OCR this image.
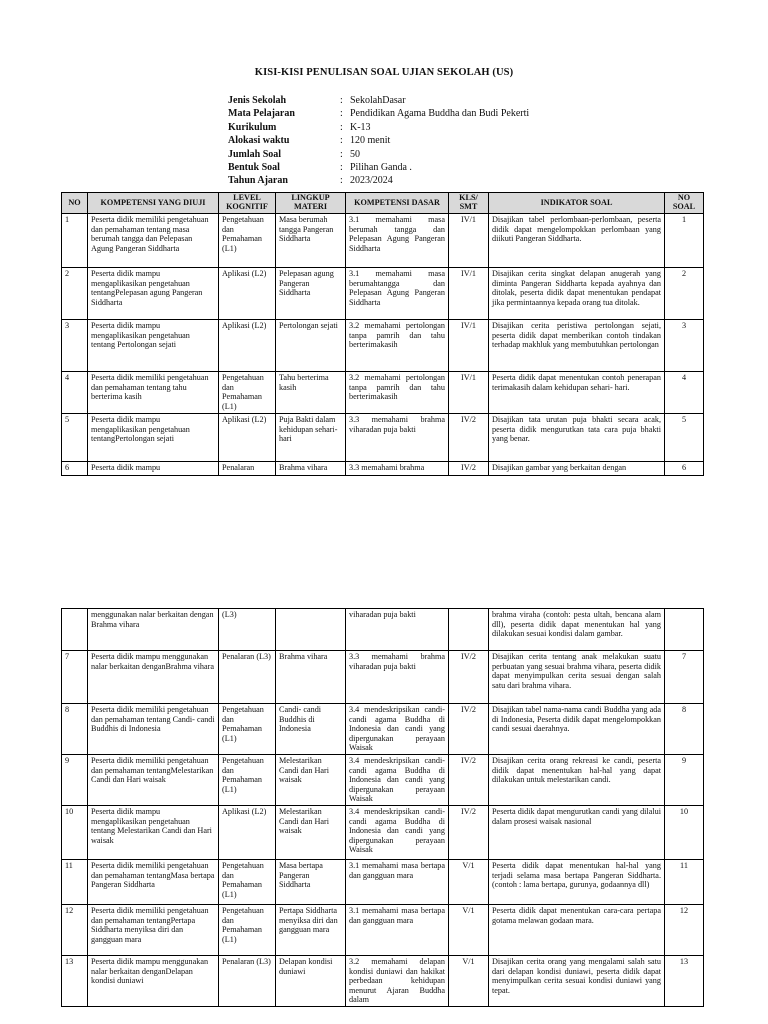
KISI-KISI PENULISAN SOAL UJIAN SEKOLAH (US)
Jenis Sekolah	: SekolahDasar
Mata Pelajaran	: Pendidikan Agama Buddha dan Budi Pekerti
Kurikulum	: K-13
Alokasi waktu	: 120 menit
Jumlah Soal	: 50
Bentuk Soal	: Pilihan Ganda .
Tahun Ajaran	: 2023/2024
NO	KOMPETENSI YANG DIUJI	LEVEL KOGNITIF	LINGKUP MATERI	KOMPETENSI DASAR	KLS/ SMT	INDIKATOR SOAL	NO SOAL
1	Peserta didik memiliki pengetahuan dan pemahaman tentang masa berumah tangga dan Pelepasan Agung Pangeran Siddharta	Pengetahuan dan Pemahaman (L1)	Masa berumah tangga Pangeran Siddharta	3.1 memahami masa berumah tangga dan Pelepasan Agung Pangeran Siddharta	IV/1	Disajikan tabel perlombaan-perlombaan, peserta didik dapat mengelompokkan perlombaan yang diikuti Pangeran Siddharta.	1
2	Peserta didik mampu mengaplikasikan pengetahuan tentangPelepasan agung Pangeran Siddharta	Aplikasi (L2)	Pelepasan agung Pangeran Siddharta	3.1 memahami masa berumahtangga dan Pelepasan Agung Pangeran Siddharta	IV/1	Disajikan cerita singkat delapan anugerah yang diminta Pangeran Siddharta kepada ayahnya dan ditolak, peserta didik dapat menentukan pendapat jika permintaannya kepada orang tua ditolak.	2
3	Peserta didik mampu mengaplikasikan pengetahuan tentang Pertolongan sejati	Aplikasi (L2)	Pertolongan sejati	3.2 memahami pertolongan tanpa pamrih dan tahu berterimakasih	IV/1	Disajikan cerita peristiwa pertolongan sejati, peserta didik dapat memberikan contoh tindakan terhadap makhluk yang membutuhkan pertolongan	3
4	Peserta didik memiliki pengetahuan dan pemahaman tentang tahu berterima kasih	Pengetahuan dan Pemahaman (L1)	Tahu berterima kasih	3.2 memahami pertolongan tanpa pamrih dan tahu berterimakasih	IV/1	Peserta didik dapat menentukan contoh penerapan terimakasih dalam kehidupan sehari- hari.	4
5	Peserta didik mampu mengaplikasikan pengetahuan tentangPertolongan sejati	Aplikasi (L2)	Puja Bakti dalam kehidupan sehari-hari	3.3 memahami brahma viharadan puja bakti	IV/2	Disajikan tata urutan puja bhakti secara acak, peserta didik mengurutkan tata cara puja bhakti yang benar.	5
6	Peserta didik mampu	Penalaran	Brahma vihara	3.3 memahami brahma	IV/2	Disajikan gambar yang berkaitan dengan	6
	menggunakan nalar berkaitan dengan Brahma vihara	(L3)		viharadan puja bakti		brahma viraha (contoh: pesta ultah, bencana alam dll), peserta didik dapat menentukan hal yang dilakukan sesuai kondisi dalam gambar.	
7	Peserta didik mampu menggunakan nalar berkaitan denganBrahma vihara	Penalaran (L3)	Brahma vihara	3.3 memahami brahma viharadan puja bakti	IV/2	Disajikan cerita tentang anak melakukan suatu perbuatan yang sesuai brahma vihara, peserta didik dapat menyimpulkan cerita sesuai dengan salah satu dari brahma vihara.	7
8	Peserta didik memiliki pengetahuan dan pemahaman tentang Candi- candi Buddhis di Indonesia	Pengetahuan dan Pemahaman (L1)	Candi- candi Buddhis di Indonesia	3.4 mendeskripsikan candi-candi agama Buddha di Indonesia dan candi yang dipergunakan perayaan Waisak	IV/2	Disajikan tabel nama-nama candi Buddha yang ada di Indonesia, Peserta didik dapat mengelompokkan candi sesuai daerahnya.	8
9	Peserta didik memiliki pengetahuan dan pemahaman tentangMelestarikan Candi dan Hari waisak	Pengetahuan dan Pemahaman (L1)	Melestarikan Candi dan Hari waisak	3.4 mendeskripsikan candi-candi agama Buddha di Indonesia dan candi yang dipergunakan perayaan Waisak	IV/2	Disajikan cerita orang rekreasi ke candi, peserta didik dapat menentukan hal-hal yang dapat dilakukan untuk melestarikan candi.	9
10	Peserta didik mampu mengaplikasikan pengetahuan tentang Melestarikan Candi dan Hari waisak	Aplikasi (L2)	Melestarikan Candi dan Hari waisak	3.4 mendeskripsikan candi-candi agama Buddha di Indonesia dan candi yang dipergunakan perayaan Waisak	IV/2	Peserta didik dapat mengurutkan candi yang dilalui dalam prosesi waisak nasional	10
11	Peserta didik memiliki pengetahuan dan pemahaman tentangMasa bertapa Pangeran Siddharta	Pengetahuan dan Pemahaman (L1)	Masa bertapa Pangeran Siddharta	3.1 memahami masa bertapa dan gangguan mara	V/1	Peserta didik dapat menentukan hal-hal yang terjadi selama masa bertapa Pangeran Siddharta. (contoh : lama bertapa, gurunya, godaannya dll)	11
12	Peserta didik memiliki pengetahuan dan pemahaman tentangPertapa Siddharta menyiksa diri dan gangguan mara	Pengetahuan dan Pemahaman (L1)	Pertapa Siddharta menyiksa diri dan gangguan mara	3.1 memahami masa bertapa dan gangguan mara	V/1	Peserta didik dapat menentukan cara-cara pertapa gotama melawan godaan mara.	12
13	Peserta didik mampu menggunakan nalar berkaitan denganDelapan kondisi duniawi	Penalaran (L3)	Delapan kondisi duniawi	3.2 memahami delapan kondisi duniawi dan hakikat perbedaan kehidupan menurut Ajaran Buddha dalam	V/1	Disajikan cerita orang yang mengalami salah satu dari delapan kondisi duniawi, peserta didik dapat menyimpulkan cerita sesuai kondisi duniawi yang tepat.	13
